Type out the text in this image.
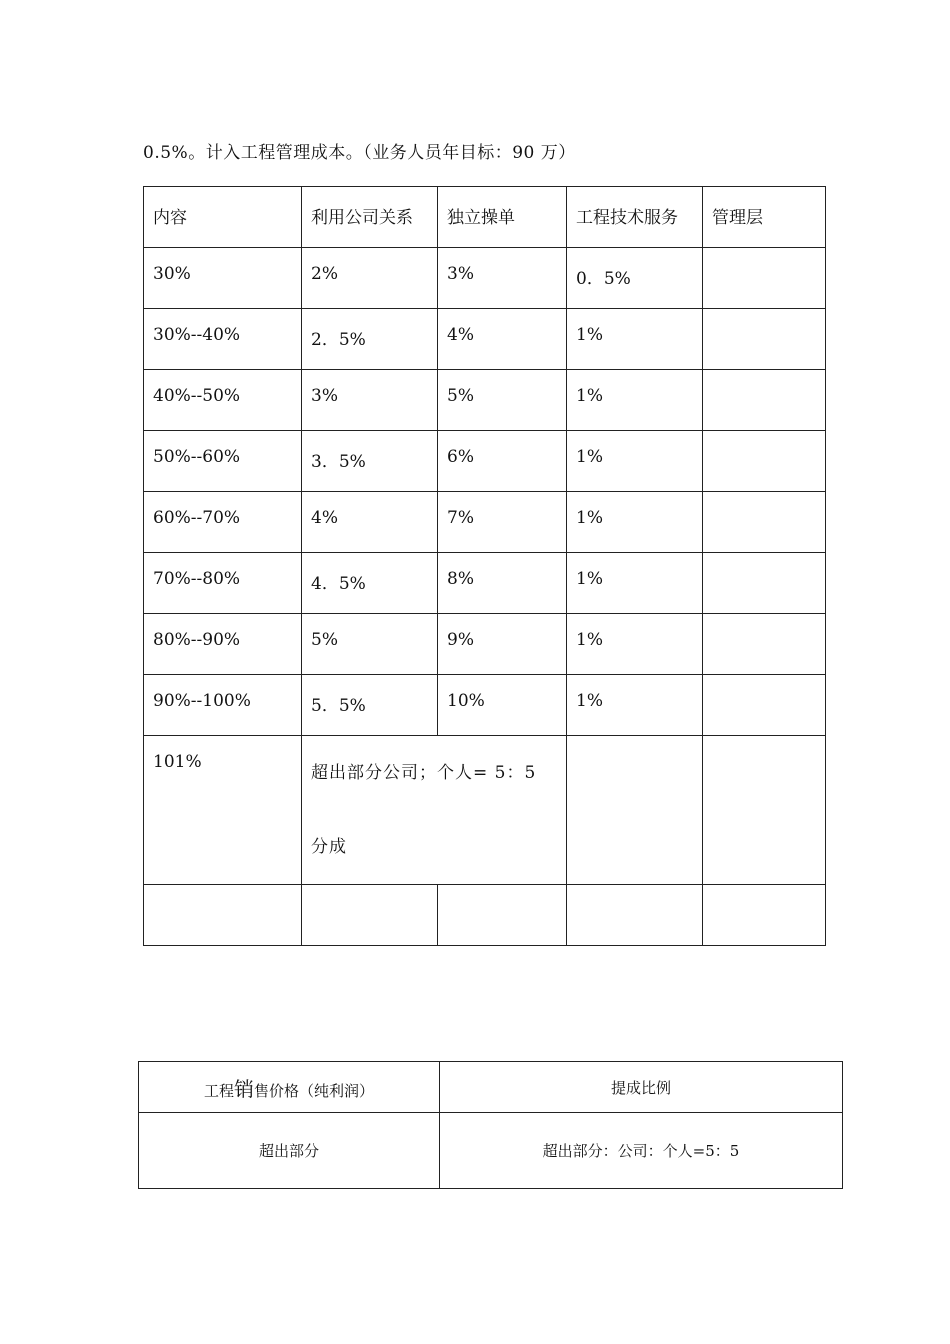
0.5%。计入工程管理成本。（业务人员年目标：90 万）
内容	利用公司关系	独立操单	工程技术服务	管理层
30%	2%	3%	0．5%	
30%--40%	2．5%	4%	1%	
40%--50%	3%	5%	1%	
50%--60%	3．5%	6%	1%	
60%--70%	4%	7%	1%	
70%--80%	4．5%	8%	1%	
80%--90%	5%	9%	1%	
90%--100%	5．5%	10%	1%	
101%	超出部分公司；个人= 5：5 分成			

工程销售价格（纯利润）	提成比例
超出部分	超出部分：公司：个人=5：5
